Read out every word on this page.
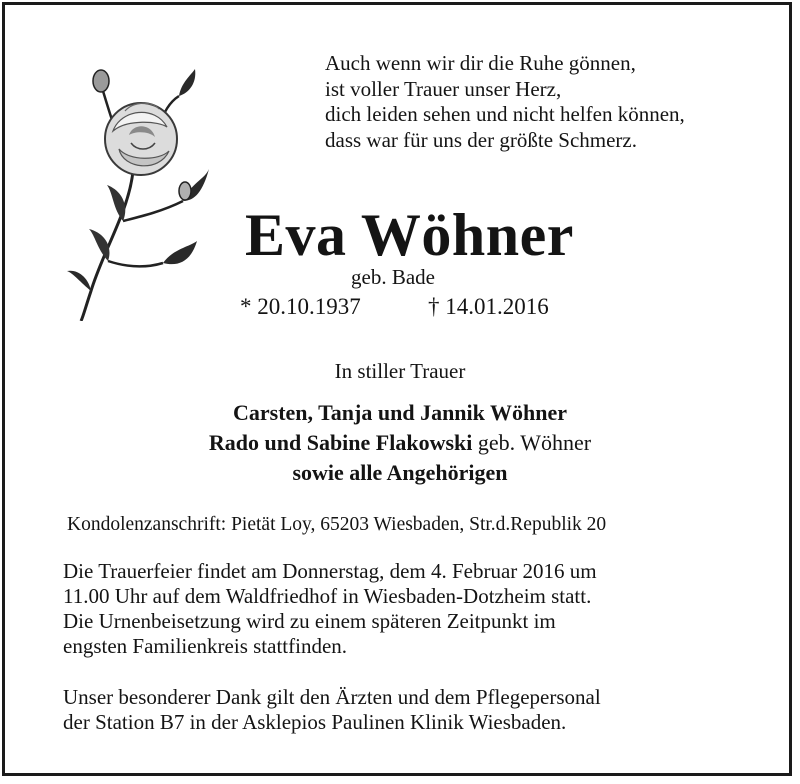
Auch wenn wir dir die Ruhe gönnen,
ist voller Trauer unser Herz,
dich leiden sehen und nicht helfen können,
dass war für uns der größte Schmerz.
Eva Wöhner
geb. Bade
* 20.10.1937	† 14.01.2016
In stiller Trauer
Carsten, Tanja und Jannik Wöhner
Rado und Sabine Flakowski geb. Wöhner
sowie alle Angehörigen
Kondolenzanschrift: Pietät Loy, 65203 Wiesbaden, Str.d.Republik 20
Die Trauerfeier findet am Donnerstag, dem 4. Februar 2016 um
11.00 Uhr auf dem Waldfriedhof in Wiesbaden-Dotzheim statt.
Die Urnenbeisetzung wird zu einem späteren Zeitpunkt im
engsten Familienkreis stattfinden.
Unser besonderer Dank gilt den Ärzten und dem Pflegepersonal
der Station B7 in der Asklepios Paulinen Klinik Wiesbaden.
